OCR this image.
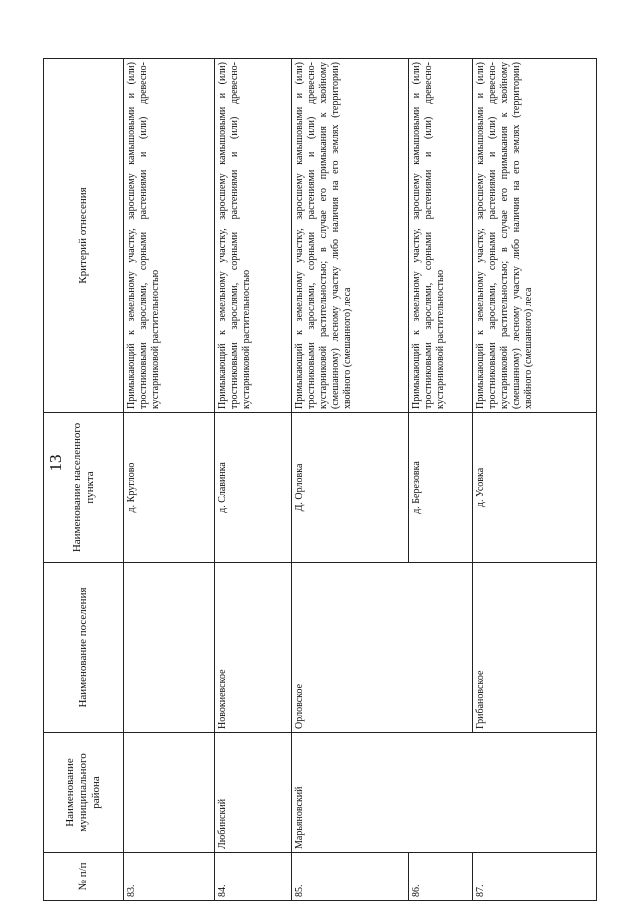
13
№ п/п	Наименование муниципального района	Наименование поселения	Наименование населенного пункта	Критерий отнесения
83.			д. Круглово	Примыкающий к земельному участку, заросшему камышовыми и (или) тростниковыми зарослями, сорными растениями и (или) древесно-кустарниковой растительностью
84.	Любинский	Новокиевское	д. Славинка	Примыкающий к земельному участку, заросшему камышовыми и (или) тростниковыми зарослями, сорными растениями и (или) древесно-кустарниковой растительностью
85.	Марьяновский	Орловское	Д. Орловка	Примыкающий к земельному участку, заросшему камышовыми и (или) тростниковыми зарослями, сорными растениями и (или) древесно-кустарниковой растительностью; в случае его примыкания к хвойному (смешанному) лесному участку либо наличия на его землях (территории) хвойного (смешанного) леса
86.			д. Березовка	Примыкающий к земельному участку, заросшему камышовыми и (или) тростниковыми зарослями, сорными растениями и (или) древесно-кустарниковой растительностью
87.		Грибановское	д. Усовка	Примыкающий к земельному участку, заросшему камышовыми и (или) тростниковыми зарослями, сорными растениями и (или) древесно-кустарниковой растительностью; в случае его примыкания к хвойному (смешанному) лесному участку либо наличия на его землях (территории) хвойного (смешанного) леса
